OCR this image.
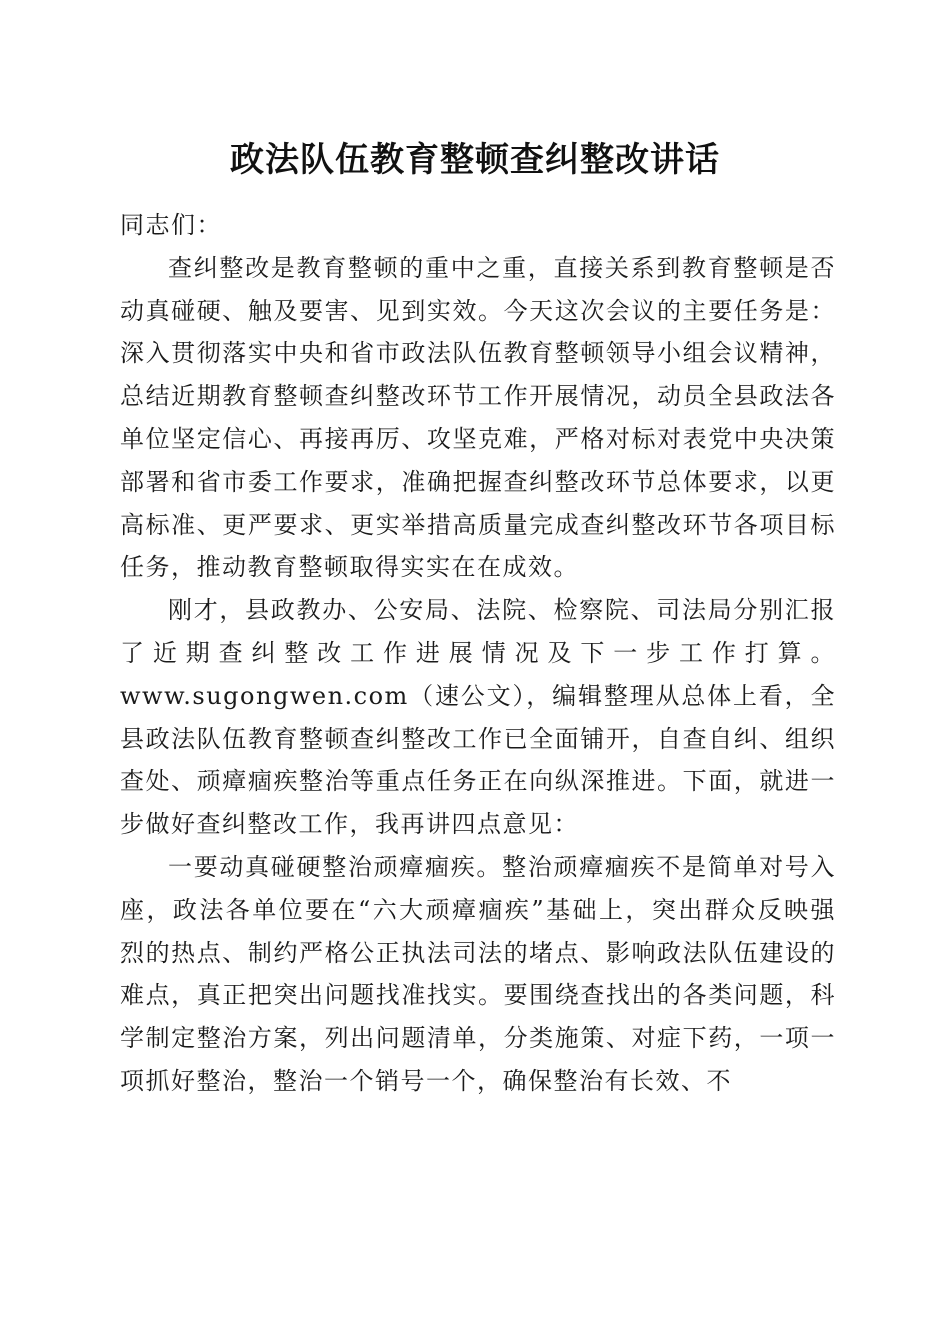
政法队伍教育整顿查纠整改讲话

同志们：

查纠整改是教育整顿的重中之重，直接关系到教育整顿是否动真碰硬、触及要害、见到实效。今天这次会议的主要任务是：深入贯彻落实中央和省市政法队伍教育整顿领导小组会议精神，总结近期教育整顿查纠整改环节工作开展情况，动员全县政法各单位坚定信心、再接再厉、攻坚克难，严格对标对表党中央决策部署和省市委工作要求，准确把握查纠整改环节总体要求，以更高标准、更严要求、更实举措高质量完成查纠整改环节各项目标任务，推动教育整顿取得实实在在成效。

刚才，县政教办、公安局、法院、检察院、司法局分别汇报了近期查纠整改工作进展情况及下一步工作打算。www.sugongwen.com（速公文），编辑整理从总体上看，全县政法队伍教育整顿查纠整改工作已全面铺开，自查自纠、组织查处、顽瘴痼疾整治等重点任务正在向纵深推进。下面，就进一步做好查纠整改工作，我再讲四点意见：

一要动真碰硬整治顽瘴痼疾。整治顽瘴痼疾不是简单对号入座，政法各单位要在“六大顽瘴痼疾”基础上，突出群众反映强烈的热点、制约严格公正执法司法的堵点、影响政法队伍建设的难点，真正把突出问题找准找实。要围绕查找出的各类问题，科学制定整治方案，列出问题清单，分类施策、对症下药，一项一项抓好整治，整治一个销号一个，确保整治有长效、不
